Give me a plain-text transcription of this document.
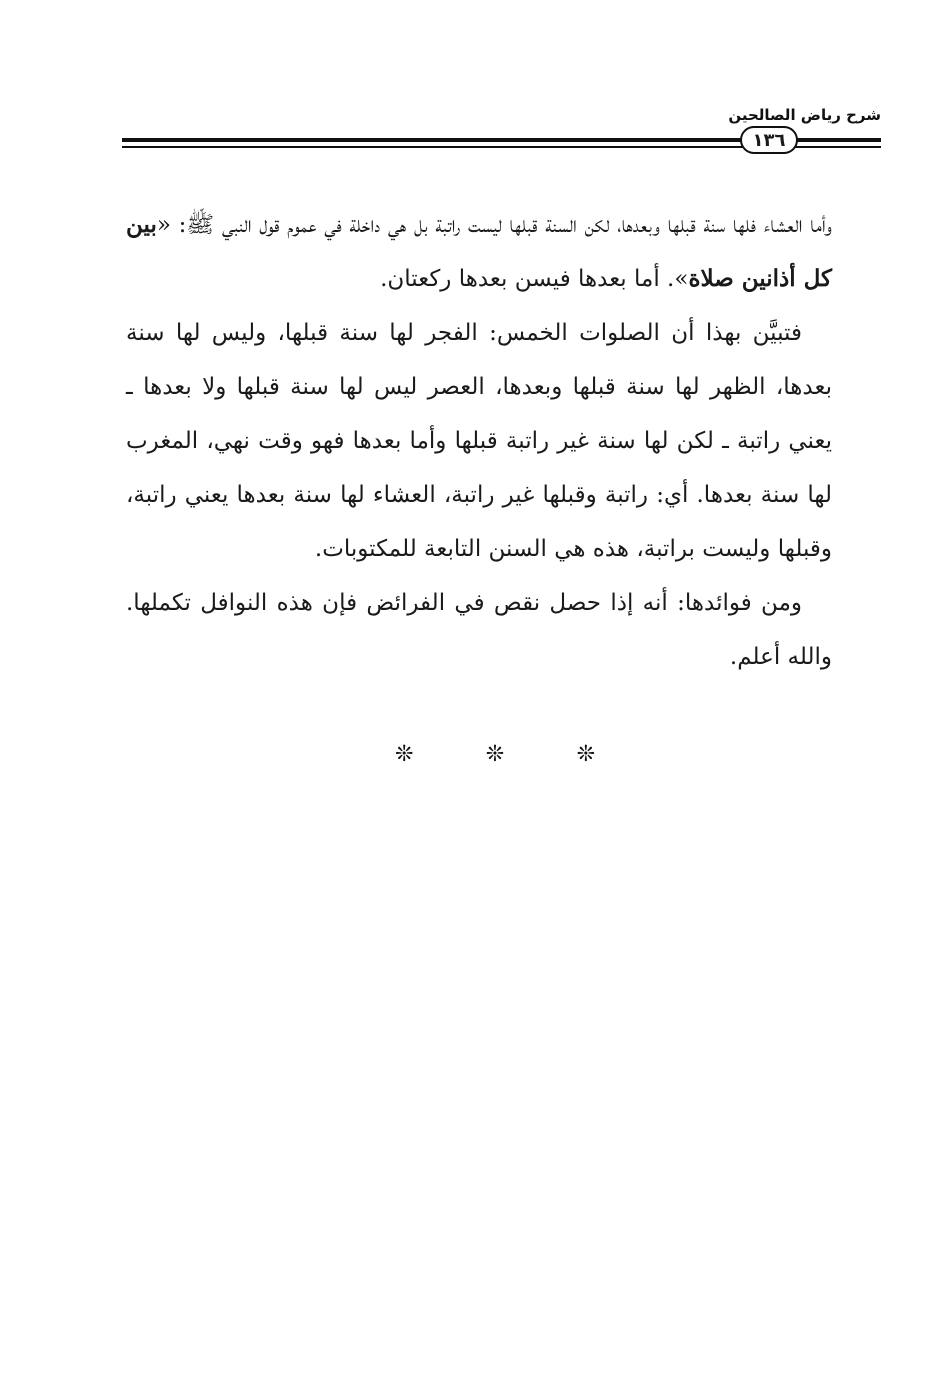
شرح رياض الصالحين
١٣٦

وأما العشاء فلها سنة قبلها وبعدها، لكن السنة قبلها ليست راتبة بل هي داخلة في عموم قول النبي ﷺ: «بين كل أذانين صلاة». أما بعدها فيسن بعدها ركعتان.

فتبيَّن بهذا أن الصلوات الخمس: الفجر لها سنة قبلها، وليس لها سنة بعدها، الظهر لها سنة قبلها وبعدها، العصر ليس لها سنة قبلها ولا بعدها ـ يعني راتبة ـ لكن لها سنة غير راتبة قبلها وأما بعدها فهو وقت نهي، المغرب لها سنة بعدها. أي: راتبة وقبلها غير راتبة، العشاء لها سنة بعدها يعني راتبة، وقبلها وليست براتبة، هذه هي السنن التابعة للمكتوبات.

ومن فوائدها: أنه إذا حصل نقص في الفرائض فإن هذه النوافل تكملها. والله أعلم.

❊	❊	❊
